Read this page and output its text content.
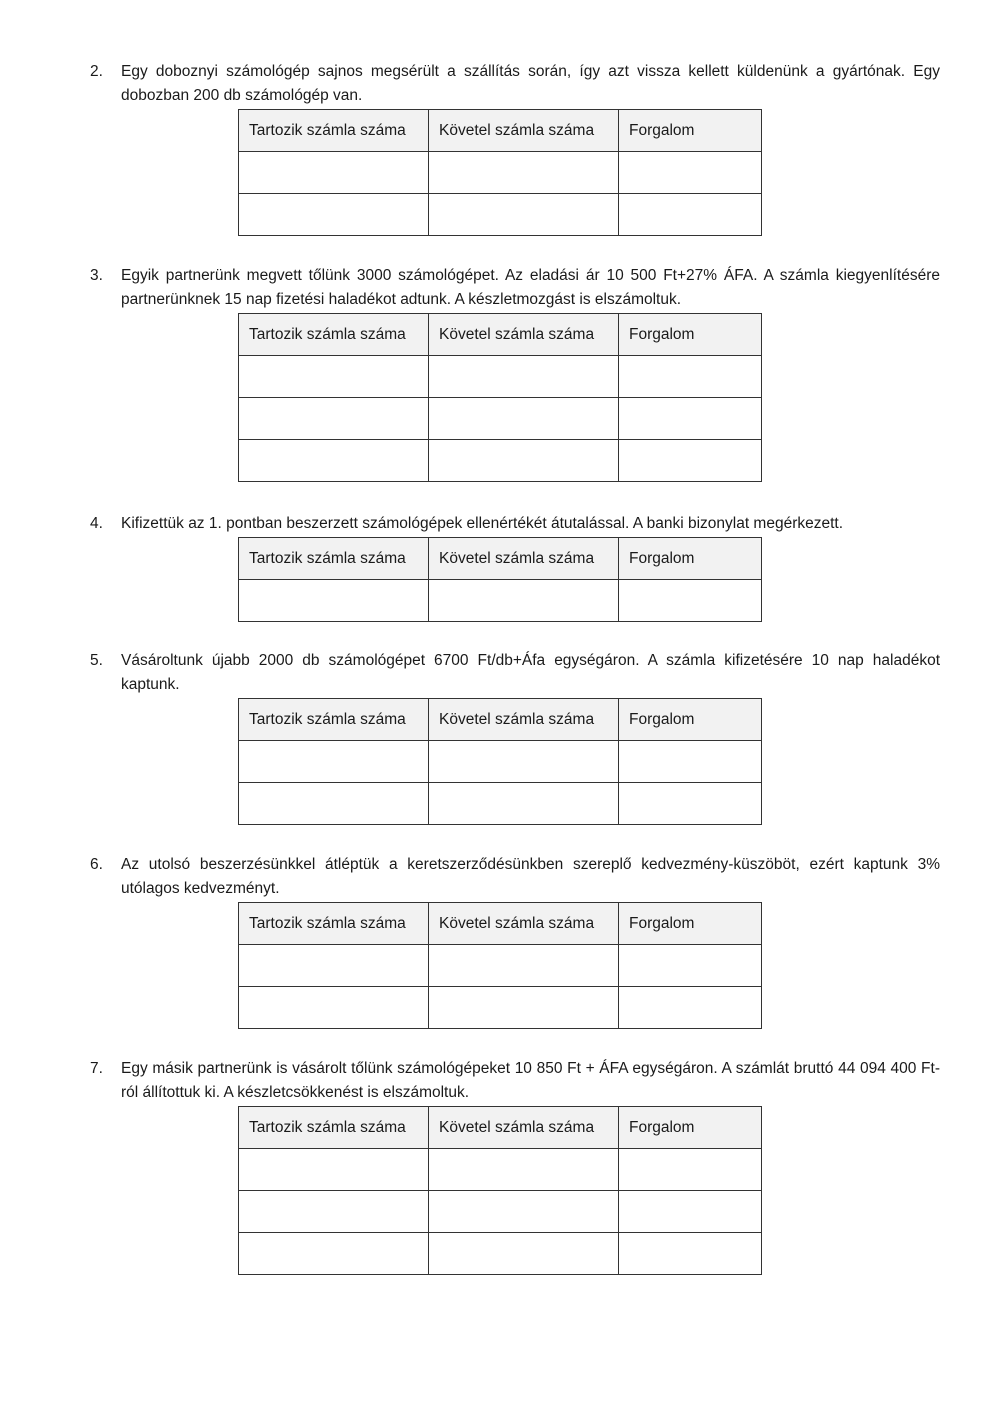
2. Egy doboznyi számológép sajnos megsérült a szállítás során, így azt vissza kellett küldenünk a gyártónak. Egy dobozban 200 db számológép van.
Tartozik számla száma	Követel számla száma	Forgalom

3. Egyik partnerünk megvett tőlünk 3000 számológépet. Az eladási ár 10 500 Ft+27% ÁFA. A számla kiegyenlítésére partnerünknek 15 nap fizetési haladékot adtunk. A készletmozgást is elszámoltuk.
Tartozik számla száma	Követel számla száma	Forgalom

4. Kifizettük az 1. pontban beszerzett számológépek ellenértékét átutalással. A banki bizonylat megérkezett.
Tartozik számla száma	Követel számla száma	Forgalom

5. Vásároltunk újabb 2000 db számológépet 6700 Ft/db+Áfa egységáron. A számla kifizetésére 10 nap haladékot kaptunk.
Tartozik számla száma	Követel számla száma	Forgalom

6. Az utolsó beszerzésünkkel átléptük a keretszerződésünkben szereplő kedvezmény-küszöböt, ezért kaptunk 3% utólagos kedvezményt.
Tartozik számla száma	Követel számla száma	Forgalom

7. Egy másik partnerünk is vásárolt tőlünk számológépeket 10 850 Ft + ÁFA egységáron. A számlát bruttó 44 094 400 Ft-ról állítottuk ki. A készletcsökkenést is elszámoltuk.
Tartozik számla száma	Követel számla száma	Forgalom
